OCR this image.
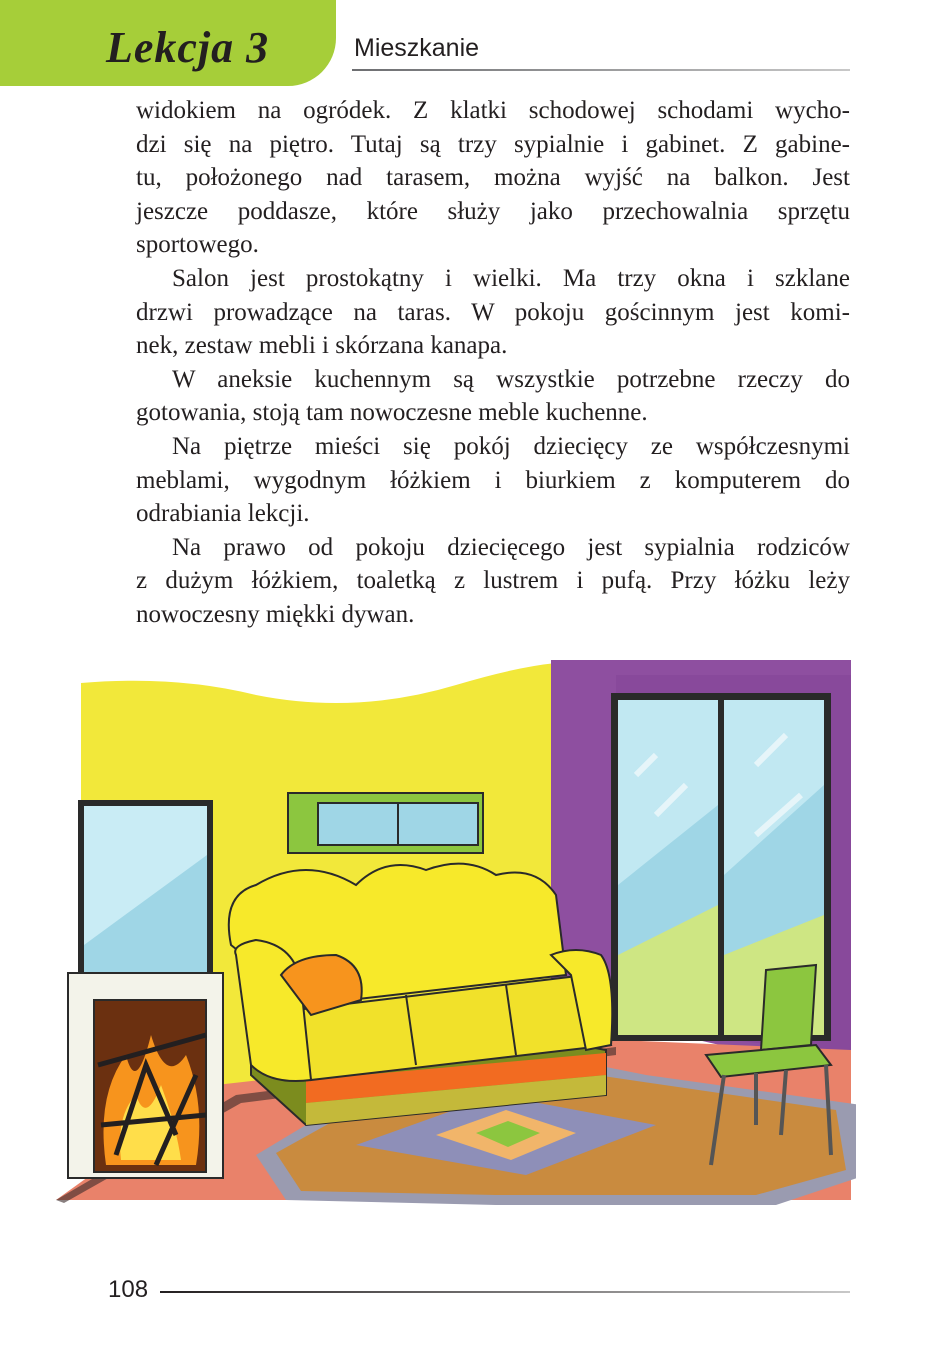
Lekcja 3	Mieszkanie

widokiem na ogródek. Z klatki schodowej schodami wycho-
dzi się na piętro. Tutaj są trzy sypialnie i gabinet. Z gabine-
tu, położonego nad tarasem, można wyjść na balkon. Jest
jeszcze poddasze, które służy jako przechowalnia sprzętu
sportowego.

Salon jest prostokątny i wielki. Ma trzy okna i szklane
drzwi prowadzące na taras. W pokoju gościnnym jest komi-
nek, zestaw mebli i skórzana kanapa.

W aneksie kuchennym są wszystkie potrzebne rzeczy do
gotowania, stoją tam nowoczesne meble kuchenne.

Na piętrze mieści się pokój dziecięcy ze współczesnymi
meblami, wygodnym łóżkiem i biurkiem z komputerem do
odrabiania lekcji.

Na prawo od pokoju dziecięcego jest sypialnia rodziców
z dużym łóżkiem, toaletką z lustrem i pufą. Przy łóżku leży
nowoczesny miękki dywan.

108
